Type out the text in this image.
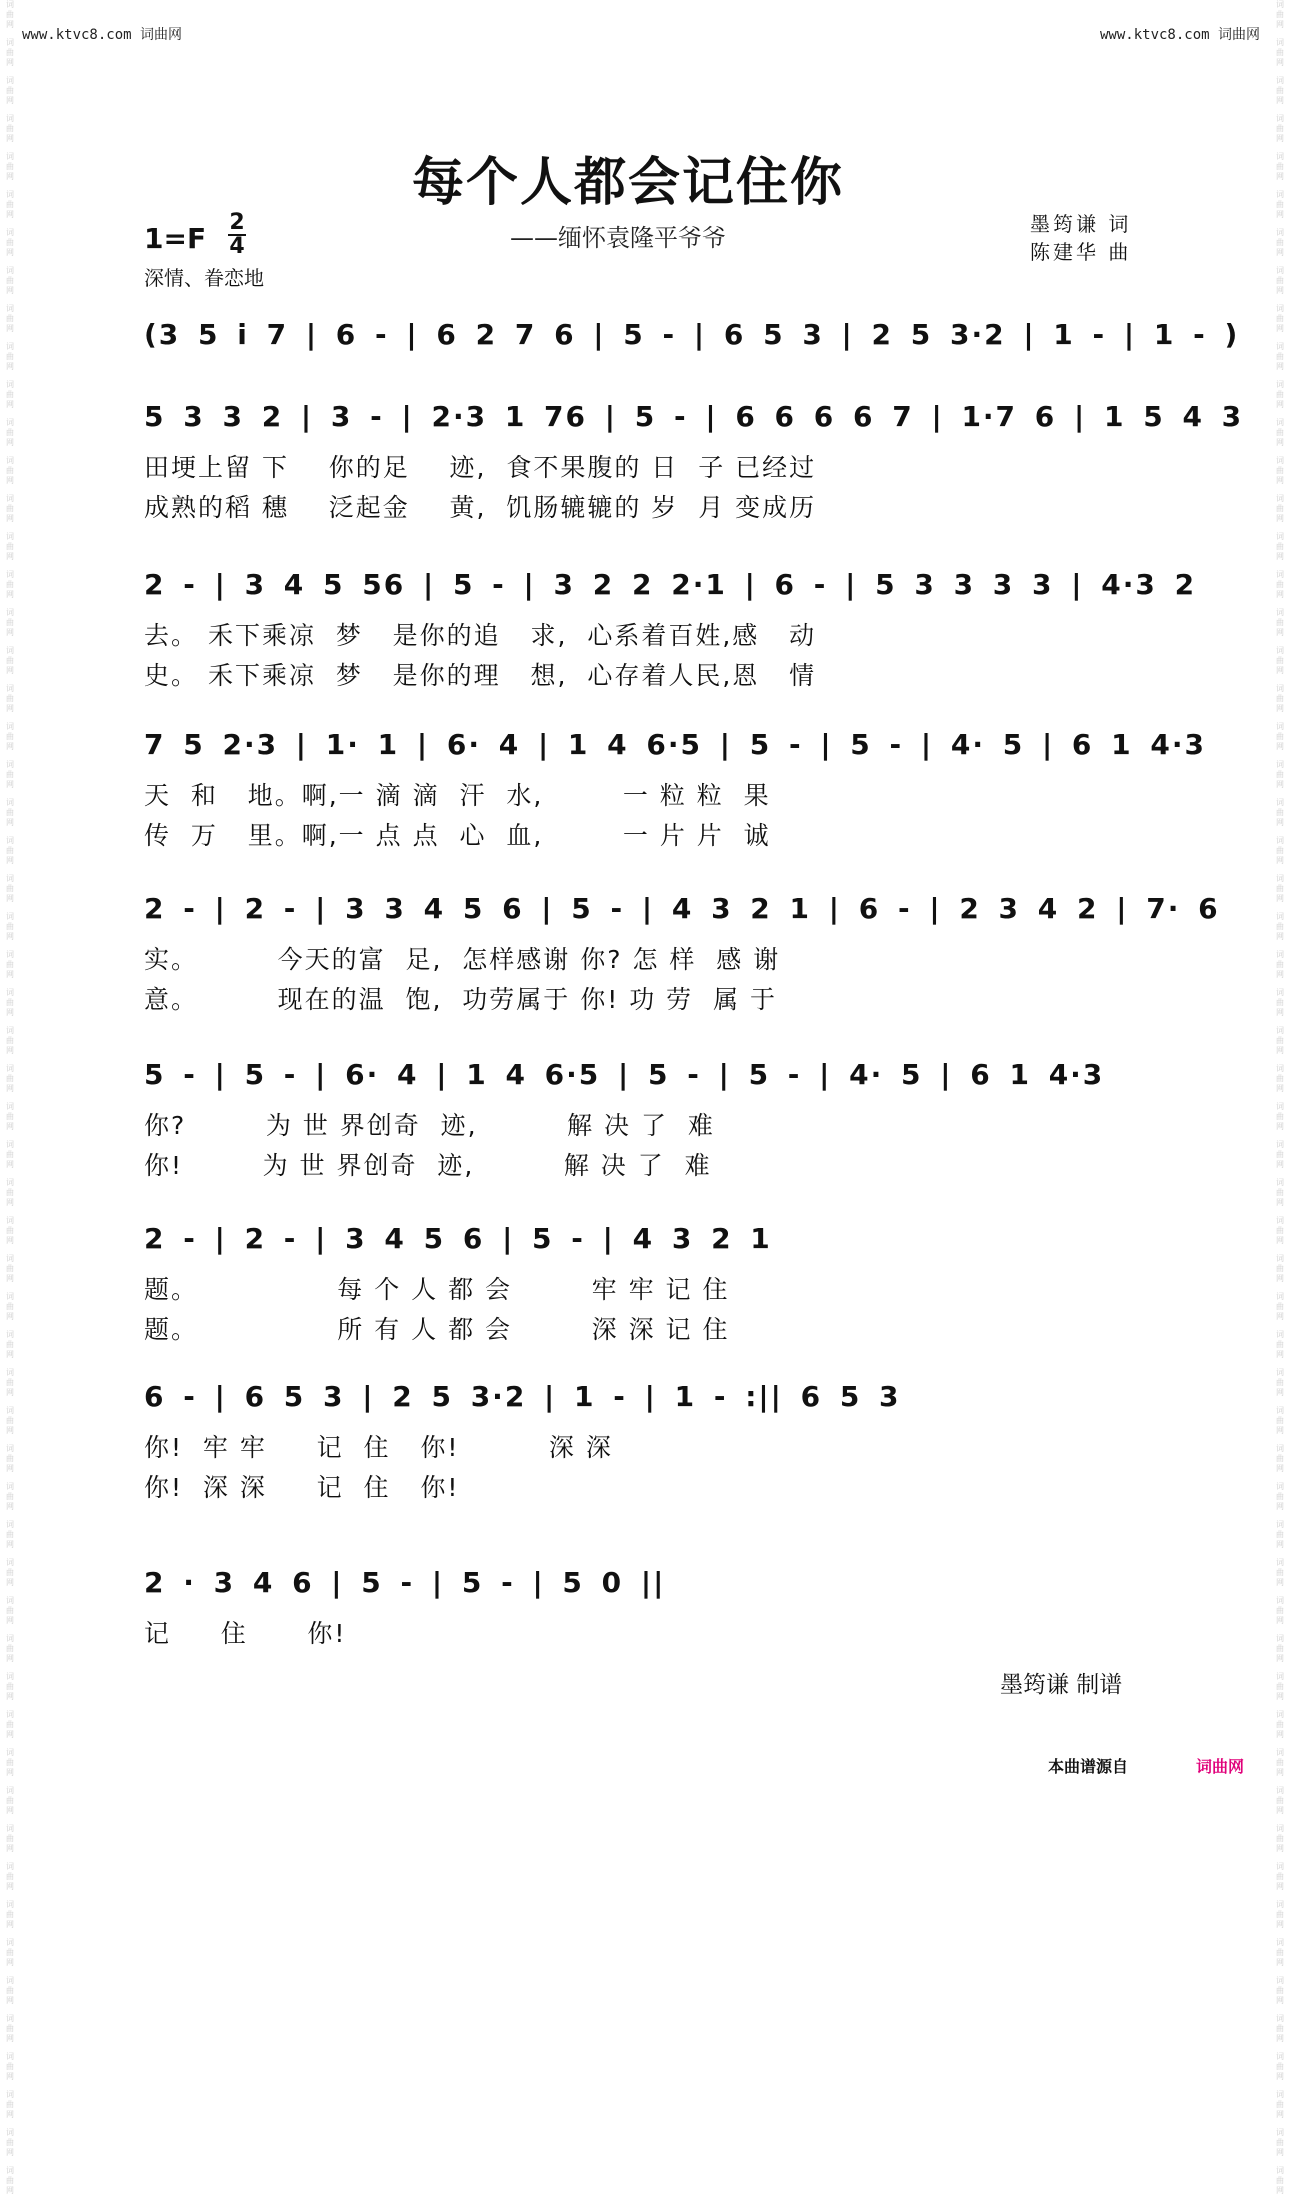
词
曲
网
词
曲
网
词
曲
网
词
曲
网
词
曲
网
词
曲
网
词
曲
网
词
曲
网
词
曲
网
词
曲
网
词
曲
网
词
曲
网
词
曲
网
词
曲
网
词
曲
网
词
曲
网
词
曲
网
词
曲
网
词
曲
网
词
曲
网
词
曲
网
词
曲
网
词
曲
网
词
曲
网
词
曲
网
词
曲
网
词
曲
网
词
曲
网
词
曲
网
词
曲
网
词
曲
网
词
曲
网
词
曲
网
词
曲
网
词
曲
网
词
曲
网
词
曲
网
词
曲
网
词
曲
网
词
曲
网
词
曲
网
词
曲
网
词
曲
网
词
曲
网
词
曲
网
词
曲
网
词
曲
网
词
曲
网
词
曲
网
词
曲
网
词
曲
网
词
曲
网
词
曲
网
词
曲
网
词
曲
网
词
曲
网
词
曲
网
词
曲
网
词
曲
网
词
曲
网
词
曲
网
词
曲
网
词
曲
网
词
曲
网
词
曲
网
词
曲
网
词
曲
网
词
曲
网
词
曲
网
词
曲
网
词
曲
网
词
曲
网
词
曲
网
词
曲
网
词
曲
网
词
曲
网
词
曲
网
词
曲
网
词
曲
网
词
曲
网
词
曲
网
词
曲
网
词
曲
网
词
曲
网
词
曲
网
词
曲
网
词
曲
网
词
曲
网
词
曲
网
词
曲
网
词
曲
网
词
曲
网
词
曲
网
词
曲
网
词
曲
网
词
曲
网
词
曲
网
词
曲
网
词
曲
网
词
曲
网
词
曲
网
词
曲
网
词
曲
网
词
曲
网
词
曲
网
词
曲
网
词
曲
网
词
曲
网
词
曲
网
词
曲
网
词
曲
网
词
曲
网
词
曲
网
词
曲
网
词
曲
网
词
曲
网
www.ktvc8.com 词曲网	www.ktvc8.com 词曲网
每个人都会记住你
——缅怀袁隆平爷爷
1=F 2
4
深情、眷恋地
墨筠谦 词
陈建华 曲
(3 5 i 7 | 6 - | 6 2 7 6 | 5 - | 6 5 3 | 2 5 3·2 | 1 - | 1 - )
5 3 3 2 | 3 - | 2·3 1 76 | 5 - | 6 6 6 6 7 | 1·7 6 | 1 5 4 3
田埂上留 下    你的足    迹,  食不果腹的 日  子 已经过
成熟的稻 穗    泛起金    黄,  饥肠辘辘的 岁  月 变成历
2 - | 3 4 5 56 | 5 - | 3 2 2 2·1 | 6 - | 5 3 3 3 3 | 4·3 2
去。 禾下乘凉  梦   是你的追   求,  心系着百姓,感   动
史。 禾下乘凉  梦   是你的理   想,  心存着人民,恩   情
7 5 2·3 | 1· 1 | 6· 4 | 1 4 6·5 | 5 - | 5 - | 4· 5 | 6 1 4·3
天  和   地。啊,一 滴 滴  汗  水,        一 粒 粒  果
传  万   里。啊,一 点 点  心  血,        一 片 片  诚
2 - | 2 - | 3 3 4 5 6 | 5 - | 4 3 2 1 | 6 - | 2 3 4 2 | 7· 6
实。        今天的富  足,  怎样感谢 你? 怎 样  感 谢
意。        现在的温  饱,  功劳属于 你! 功 劳  属 于
5 - | 5 - | 6· 4 | 1 4 6·5 | 5 - | 5 - | 4· 5 | 6 1 4·3
你?        为 世 界创奇  迹,         解 决 了  难
你!        为 世 界创奇  迹,         解 决 了  难
2 - | 2 - | 3 4 5 6 | 5 - | 4 3 2 1
题。              每 个 人 都 会        牢 牢 记 住
题。              所 有 人 都 会        深 深 记 住
6 - | 6 5 3 | 2 5 3·2 | 1 - | 1 - :|| 6 5 3
你!  牢 牢     记  住   你!         深 深
你!  深 深     记  住   你!
2 · 3 4 6 | 5 - | 5 - | 5 0 ||
记     住      你!
墨筠谦 制谱
本曲谱源自	词曲网
